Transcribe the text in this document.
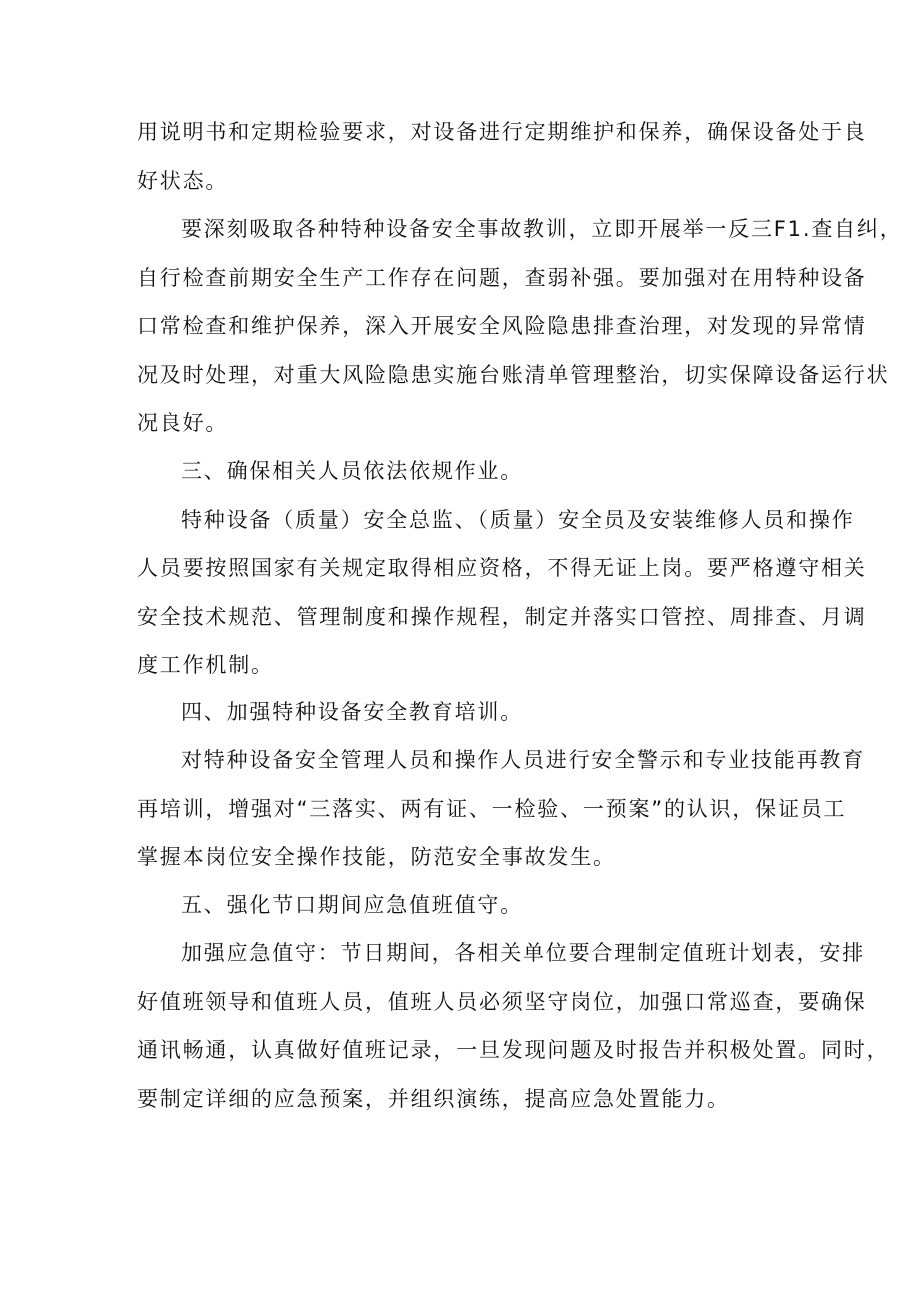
用说明书和定期检验要求，对设备进行定期维护和保养，确保设备处于良
好状态。
要深刻吸取各种特种设备安全事故教训，立即开展举一反三F1.查自纠，
自行检查前期安全生产工作存在问题，查弱补强。要加强对在用特种设备
口常检查和维护保养，深入开展安全风险隐患排查治理，对发现的异常情
况及时处理，对重大风险隐患实施台账清单管理整治，切实保障设备运行状
况良好。
三、确保相关人员依法依规作业。
特种设备（质量）安全总监、（质量）安全员及安装维修人员和操作
人员要按照国家有关规定取得相应资格，不得无证上岗。要严格遵守相关
安全技术规范、管理制度和操作规程，制定并落实口管控、周排查、月调
度工作机制。
四、加强特种设备安全教育培训。
对特种设备安全管理人员和操作人员进行安全警示和专业技能再教育
再培训，增强对“三落实、两有证、一检验、一预案”的认识，保证员工
掌握本岗位安全操作技能，防范安全事故发生。
五、强化节口期间应急值班值守。
加强应急值守：节日期间，各相关单位要合理制定值班计划表，安排
好值班领导和值班人员，值班人员必须坚守岗位，加强口常巡查，要确保
通讯畅通，认真做好值班记录，一旦发现问题及时报告并积极处置。同时，
要制定详细的应急预案，并组织演练，提高应急处置能力。
